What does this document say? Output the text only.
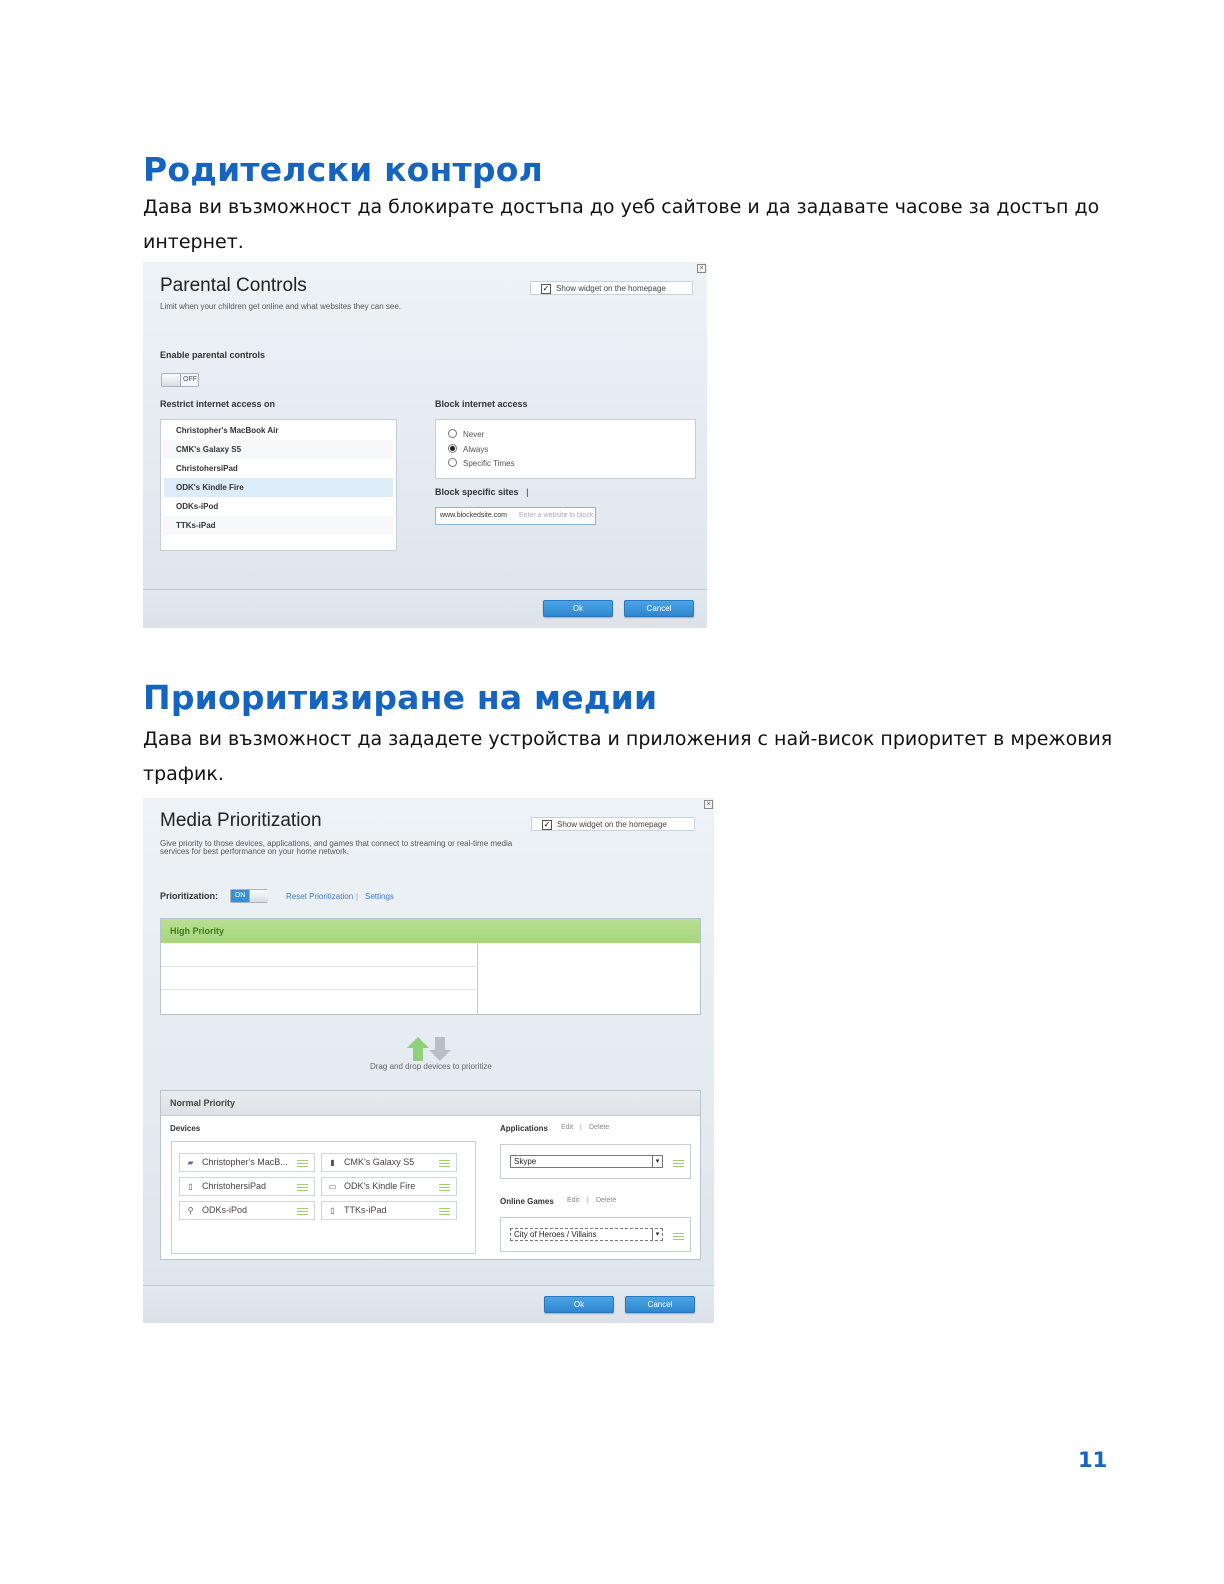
Родителски контрол
Дава ви възможност да блокирате достъпа до уеб сайтове и да задавате часове за достъп до интернет.
×
Parental Controls
Limit when your children get online and what websites they can see.
✓ Show widget on the homepage
Enable parental controls
OFF
Restrict internet access on
Christopher's MacBook Air
CMK's Galaxy S5
ChristohersiPad
ODK's Kindle Fire
ODKs-iPod
TTKs-iPad
Block internet access
Never
Always
Specific Times
Block specific sites |
www.blockedsite.com Enter a website to block
Ok	Cancel
Приоритизиране на медии
Дава ви възможност да зададете устройства и приложения с най-висок приоритет в мрежовия трафик.
×
Media Prioritization
Give priority to those devices, applications, and games that connect to streaming or real-time media
services for best performance on your home network.
✓ Show widget on the homepage
Prioritization:	ON	Reset Prioritization | Settings
High Priority
Drag and drop devices to prioritize
Normal Priority
Devices
▰ Christopher's MacB...	▮ CMK's Galaxy S5
▯ ChristohersiPad	▭ ODK's Kindle Fire
⚲ ODKs-iPod	▯ TTKs-iPad
Applications Edit | Delete
Skype	▾
Online Games Edit | Delete
City of Heroes / Villains	▾
Ok	Cancel
11
